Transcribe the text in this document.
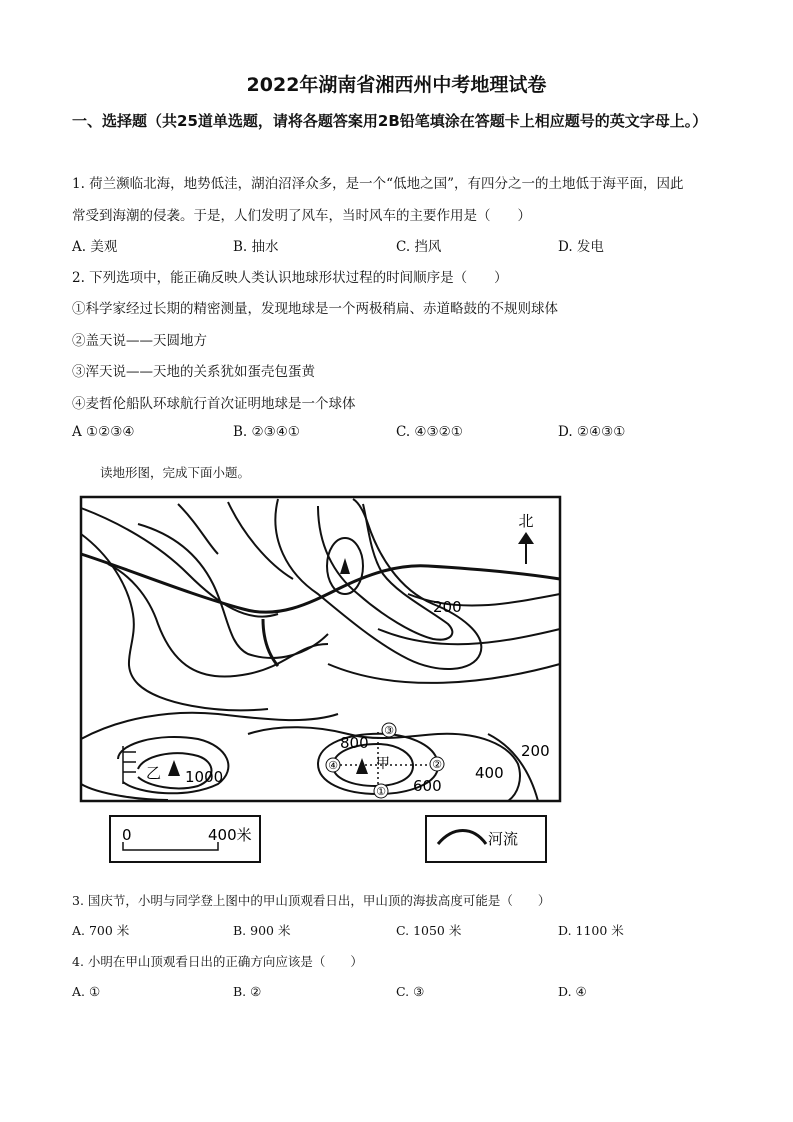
2022年湖南省湘西州中考地理试卷
一、选择题（共25道单选题，请将各题答案用2B铅笔填涂在答题卡上相应题号的英文字母上。）
1. 荷兰濒临北海，地势低洼，湖泊沼泽众多，是一个“低地之国”，有四分之一的土地低于海平面，因此
常受到海潮的侵袭。于是，人们发明了风车，当时风车的主要作用是（　　）
A. 美观	B. 抽水	C. 挡风	D. 发电
2. 下列选项中，能正确反映人类认识地球形状过程的时间顺序是（　　）
①科学家经过长期的精密测量，发现地球是一个两极稍扁、赤道略鼓的不规则球体
②盖天说——天圆地方
③浑天说——天地的关系犹如蛋壳包蛋黄
④麦哲伦船队环球航行首次证明地球是一个球体
A ①②③④	B. ②③④①	C. ④③②①	D. ②④③①
读地形图，完成下面小题。
北
200
800	200
400
600
1000
甲
乙
③
②
④
①
0	400米	河流
3. 国庆节，小明与同学登上图中的甲山顶观看日出，甲山顶的海拔高度可能是（　　）
A. 700 米	B. 900 米	C. 1050 米	D. 1100 米
4. 小明在甲山顶观看日出的正确方向应该是（　　）
A. ①	B. ②	C. ③	D. ④
